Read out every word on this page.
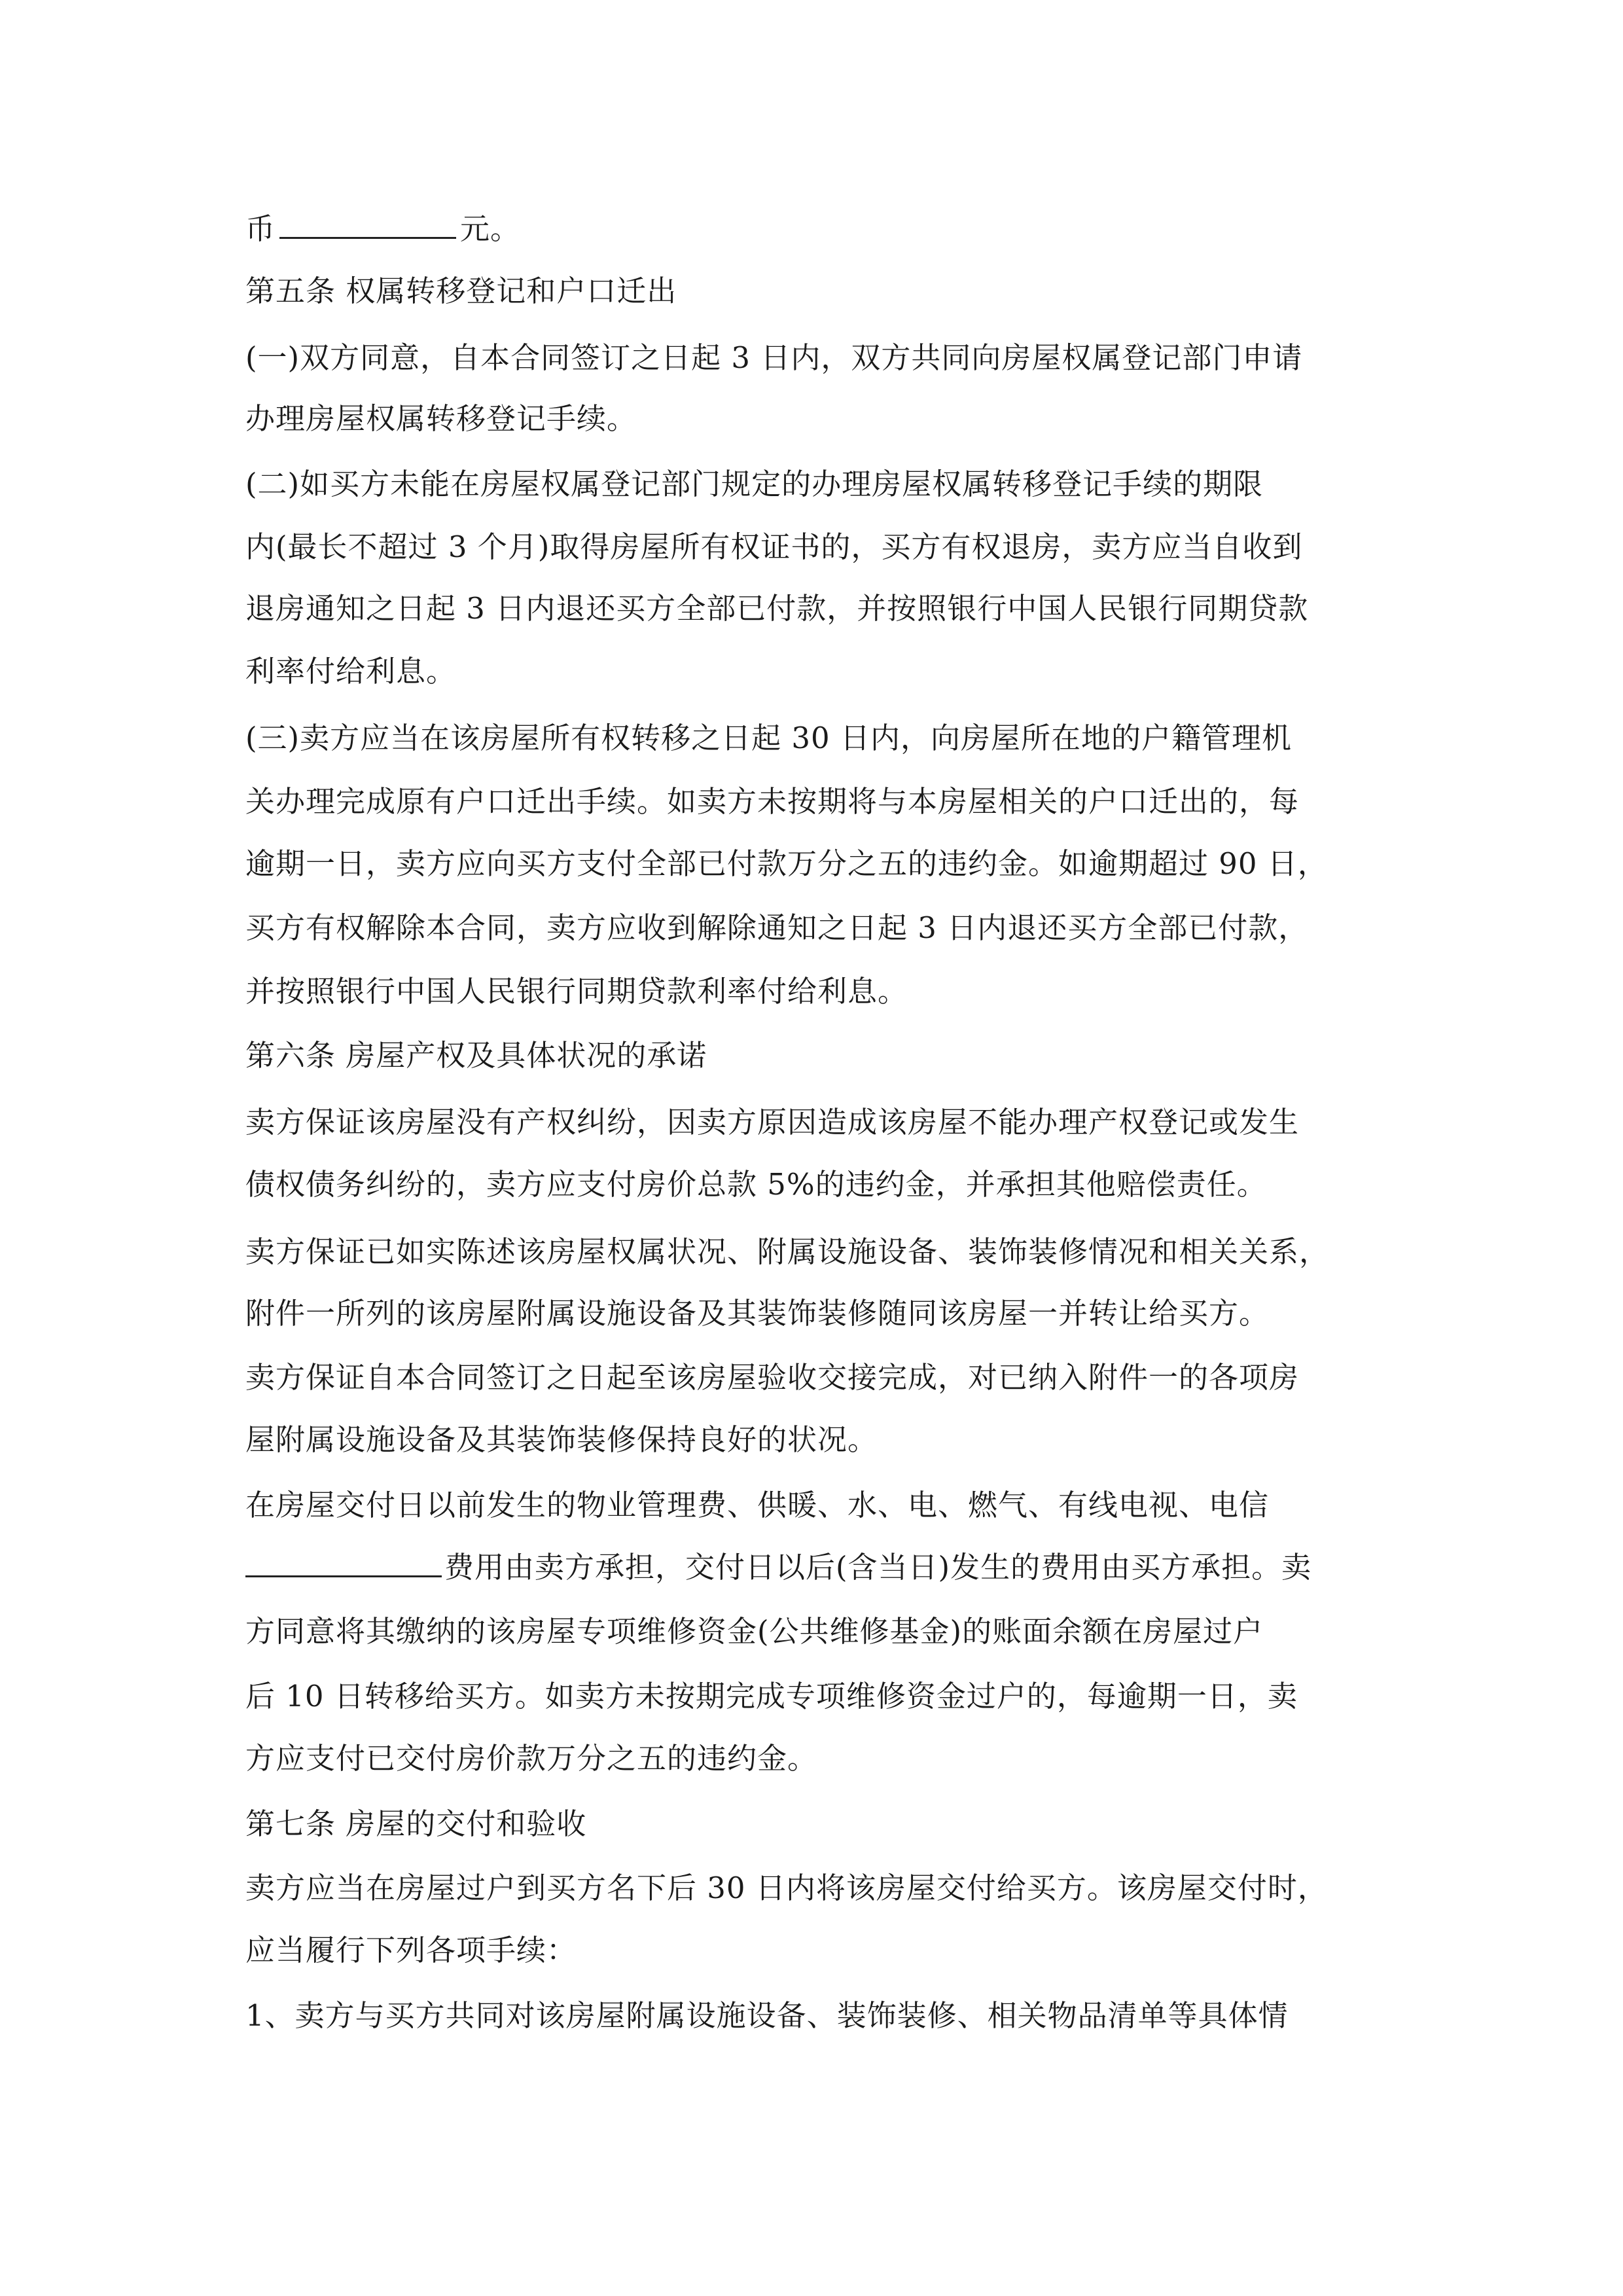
币	元。
第五条 权属转移登记和户口迁出
(一)双方同意，自本合同签订之日起 3 日内，双方共同向房屋权属登记部门申请
办理房屋权属转移登记手续。
(二)如买方未能在房屋权属登记部门规定的办理房屋权属转移登记手续的期限
内(最长不超过 3 个月)取得房屋所有权证书的，买方有权退房，卖方应当自收到
退房通知之日起 3 日内退还买方全部已付款，并按照银行中国人民银行同期贷款
利率付给利息。
(三)卖方应当在该房屋所有权转移之日起 30 日内，向房屋所在地的户籍管理机
关办理完成原有户口迁出手续。如卖方未按期将与本房屋相关的户口迁出的，每
逾期一日，卖方应向买方支付全部已付款万分之五的违约金。如逾期超过 90 日，
买方有权解除本合同，卖方应收到解除通知之日起 3 日内退还买方全部已付款，
并按照银行中国人民银行同期贷款利率付给利息。
第六条 房屋产权及具体状况的承诺
卖方保证该房屋没有产权纠纷，因卖方原因造成该房屋不能办理产权登记或发生
债权债务纠纷的，卖方应支付房价总款 5%的违约金，并承担其他赔偿责任。
卖方保证已如实陈述该房屋权属状况、附属设施设备、装饰装修情况和相关关系，
附件一所列的该房屋附属设施设备及其装饰装修随同该房屋一并转让给买方。
卖方保证自本合同签订之日起至该房屋验收交接完成，对已纳入附件一的各项房
屋附属设施设备及其装饰装修保持良好的状况。
在房屋交付日以前发生的物业管理费、供暖、水、电、燃气、有线电视、电信
费用由卖方承担，交付日以后(含当日)发生的费用由买方承担。卖
方同意将其缴纳的该房屋专项维修资金(公共维修基金)的账面余额在房屋过户
后 10 日转移给买方。如卖方未按期完成专项维修资金过户的，每逾期一日，卖
方应支付已交付房价款万分之五的违约金。
第七条 房屋的交付和验收
卖方应当在房屋过户到买方名下后 30 日内将该房屋交付给买方。该房屋交付时，
应当履行下列各项手续：
1、卖方与买方共同对该房屋附属设施设备、装饰装修、相关物品清单等具体情
